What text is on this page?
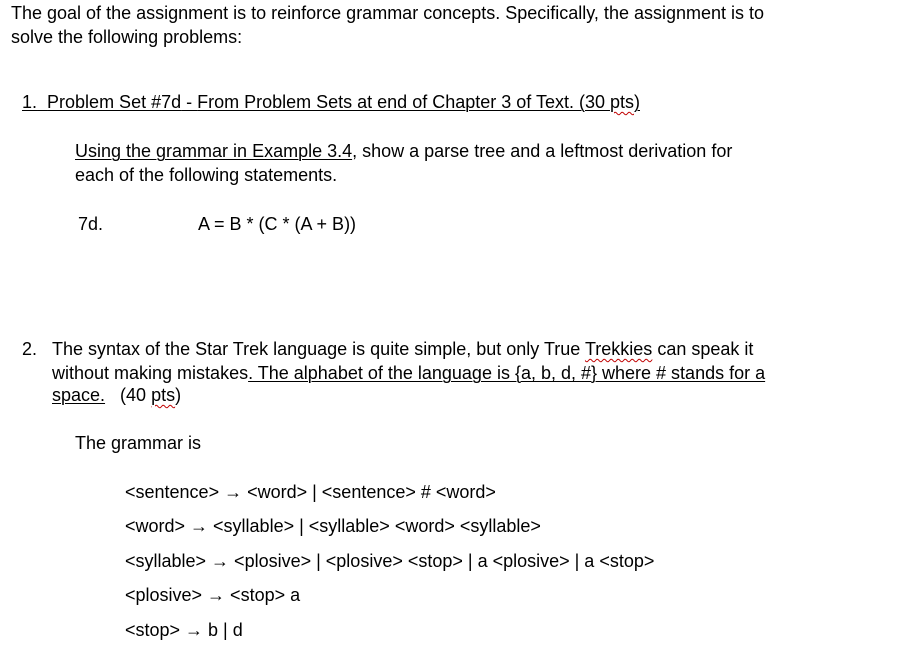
The goal of the assignment is to reinforce grammar concepts. Specifically, the assignment is to
solve the following problems:
1. Problem Set #7d - From Problem Sets at end of Chapter 3 of Text. (30 pts)
Using the grammar in Example 3.4, show a parse tree and a leftmost derivation for
each of the following statements.
7d.	A = B * (C * (A + B))
2. The syntax of the Star Trek language is quite simple, but only True Trekkies can speak it
without making mistakes. The alphabet of the language is {a, b, d, #} where # stands for a
space.   (40 pts)
The grammar is
<sentence> → <word> | <sentence> # <word>
<word> → <syllable> | <syllable> <word> <syllable>
<syllable> → <plosive> | <plosive> <stop> | a <plosive> | a <stop>
<plosive> → <stop> a
<stop> → b | d
